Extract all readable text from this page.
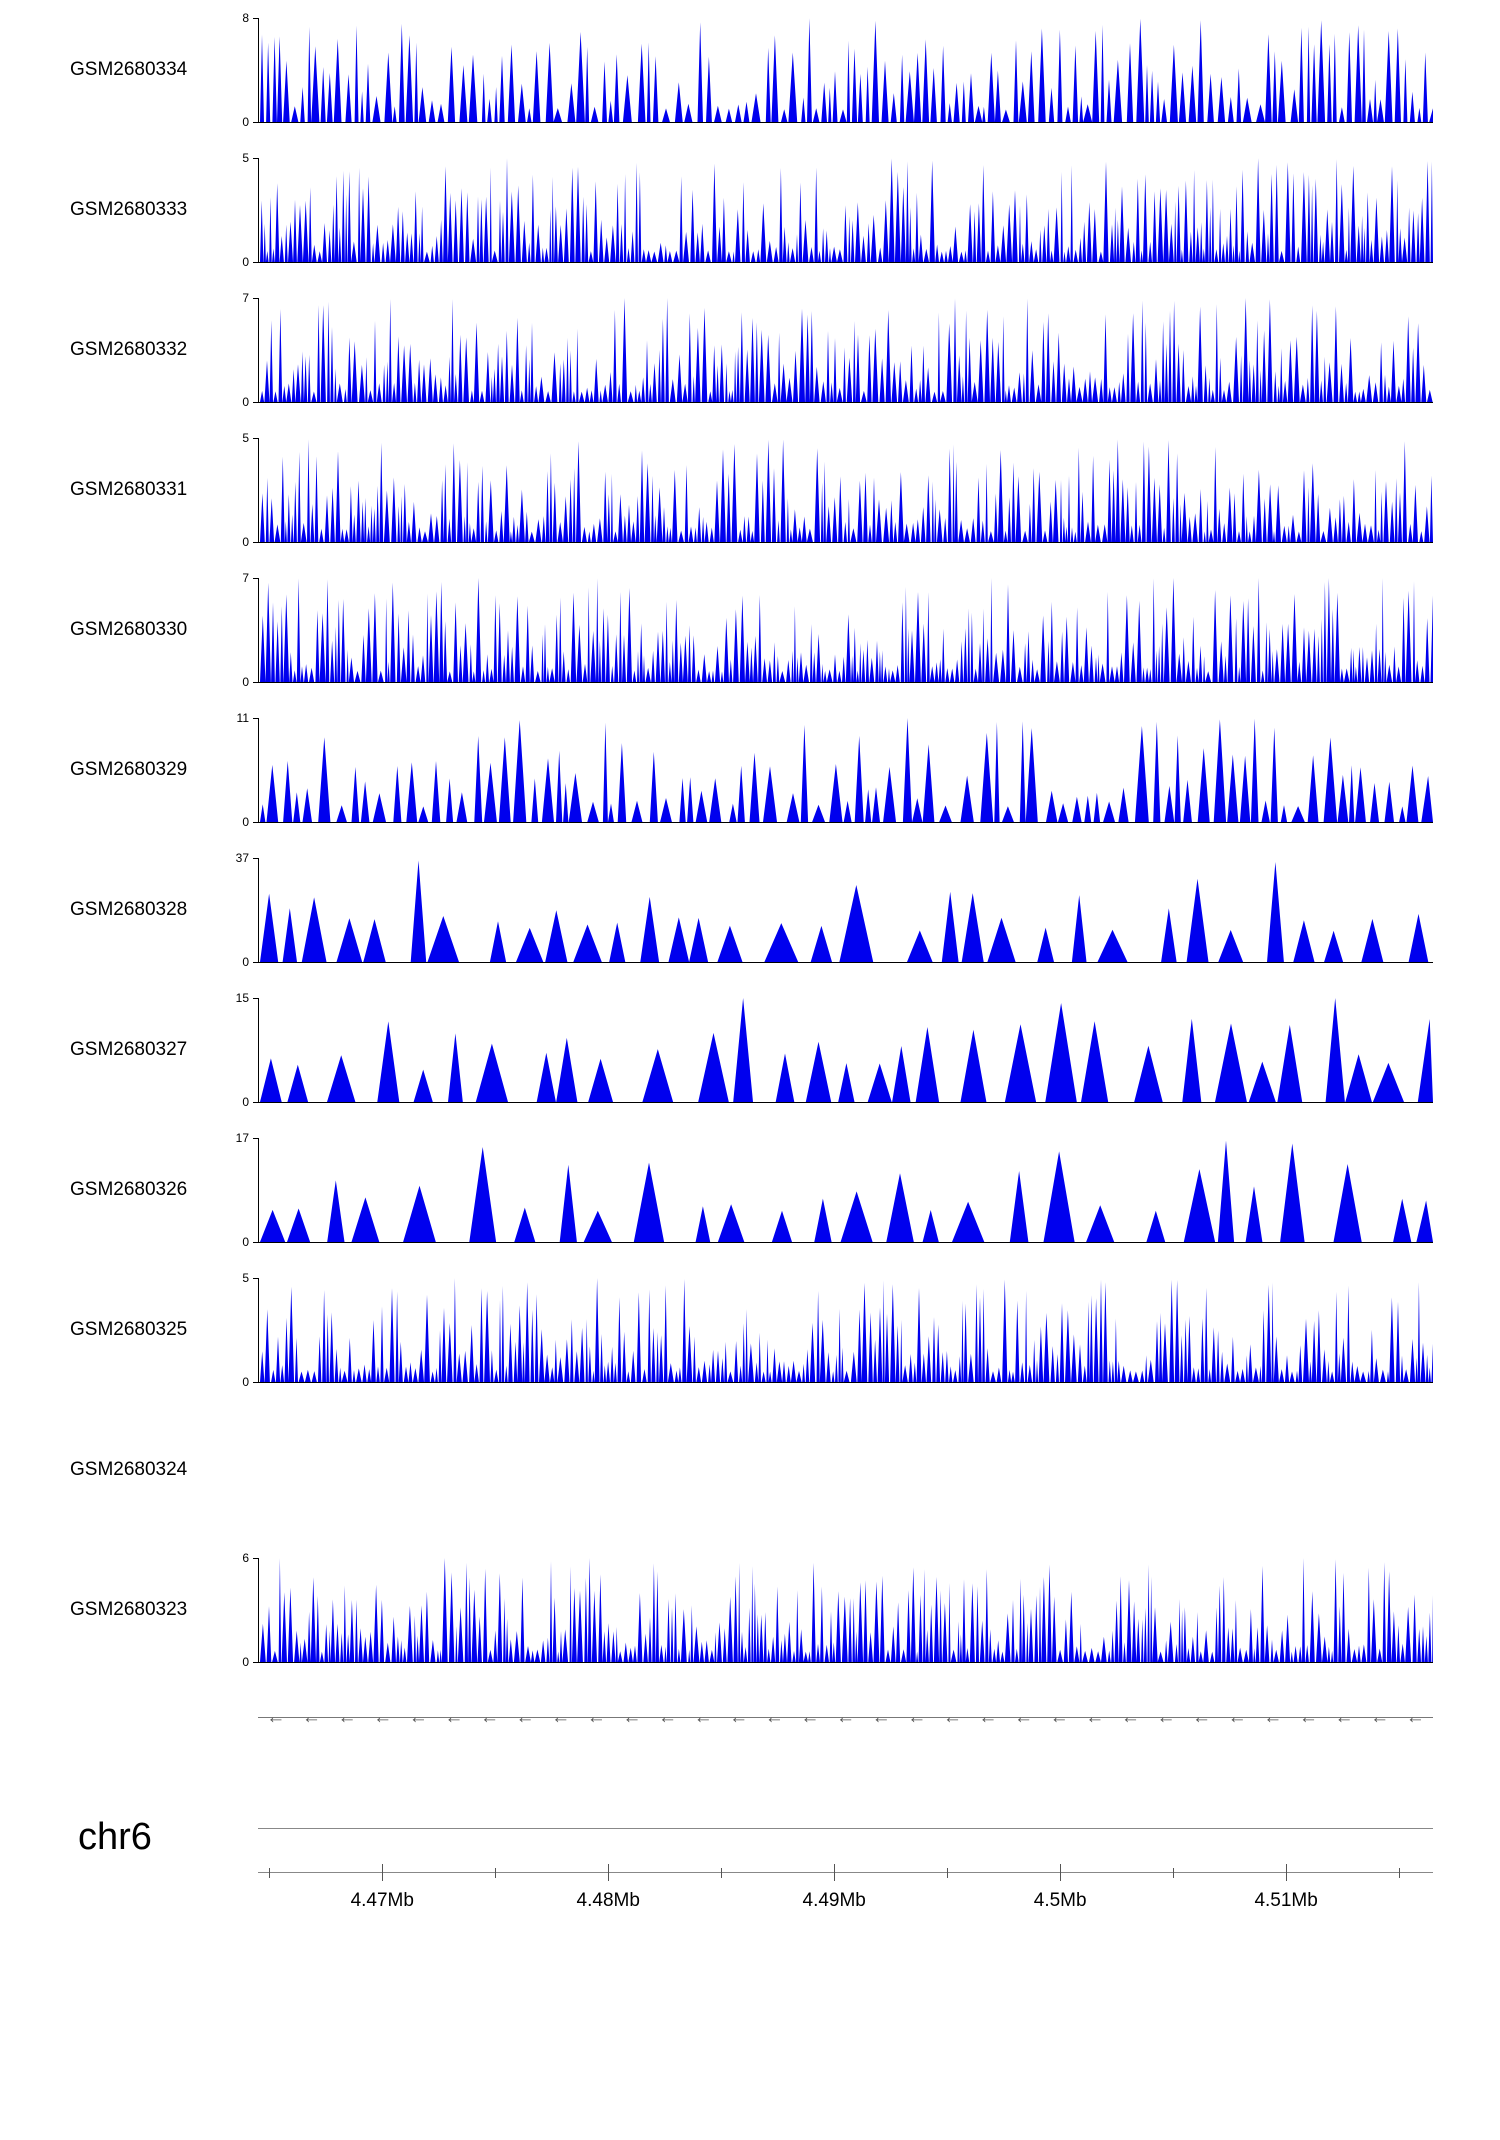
GSM2680334
8
0
GSM2680333
5
0
GSM2680332
7
0
GSM2680331
5
0
GSM2680330
7
0
GSM2680329
11
0
GSM2680328
37
0
GSM2680327
15
0
GSM2680326
17
0
GSM2680325
5
0
GSM2680324
GSM2680323
6
0
← ← ← ← ← ← ← ← ← ← ← ← ← ← ← ← ← ← ← ← ← ← ← ← ← ← ← ← ← ← ← ← ←
chr6
4.47Mb	4.48Mb	4.49Mb	4.5Mb	4.51Mb
